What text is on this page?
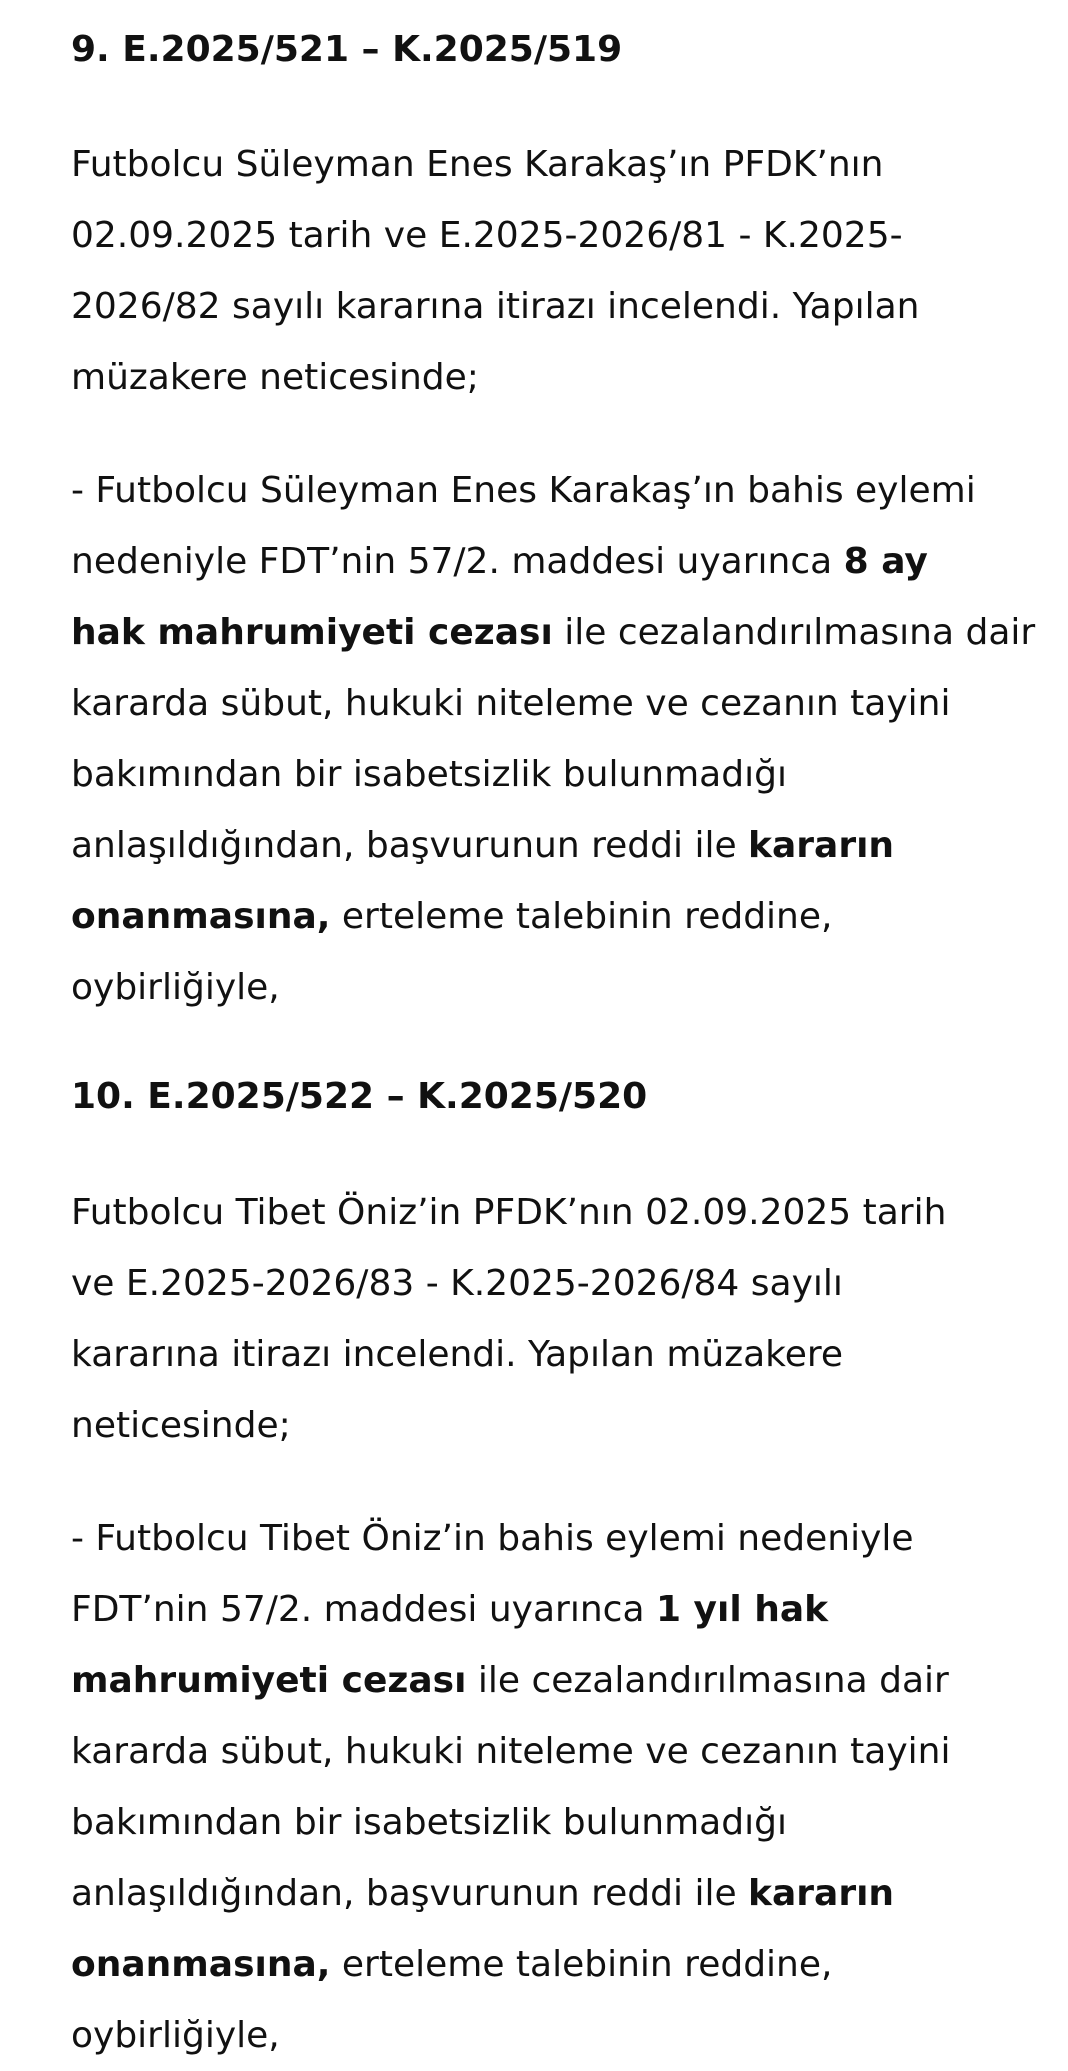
9. E.2025/521 – K.2025/519

Futbolcu Süleyman Enes Karakaş’ın PFDK’nın
02.09.2025 tarih ve E.2025-2026/81 - K.2025-
2026/82 sayılı kararına itirazı incelendi. Yapılan
müzakere neticesinde;

- Futbolcu Süleyman Enes Karakaş’ın bahis eylemi
nedeniyle FDT’nin 57/2. maddesi uyarınca 8 ay
hak mahrumiyeti cezası ile cezalandırılmasına dair
kararda sübut, hukuki niteleme ve cezanın tayini
bakımından bir isabetsizlik bulunmadığı
anlaşıldığından, başvurunun reddi ile kararın
onanmasına, erteleme talebinin reddine,
oybirliğiyle,

10. E.2025/522 – K.2025/520

Futbolcu Tibet Öniz’in PFDK’nın 02.09.2025 tarih
ve E.2025-2026/83 - K.2025-2026/84 sayılı
kararına itirazı incelendi. Yapılan müzakere
neticesinde;

- Futbolcu Tibet Öniz’in bahis eylemi nedeniyle
FDT’nin 57/2. maddesi uyarınca 1 yıl hak
mahrumiyeti cezası ile cezalandırılmasına dair
kararda sübut, hukuki niteleme ve cezanın tayini
bakımından bir isabetsizlik bulunmadığı
anlaşıldığından, başvurunun reddi ile kararın
onanmasına, erteleme talebinin reddine,
oybirliğiyle,
